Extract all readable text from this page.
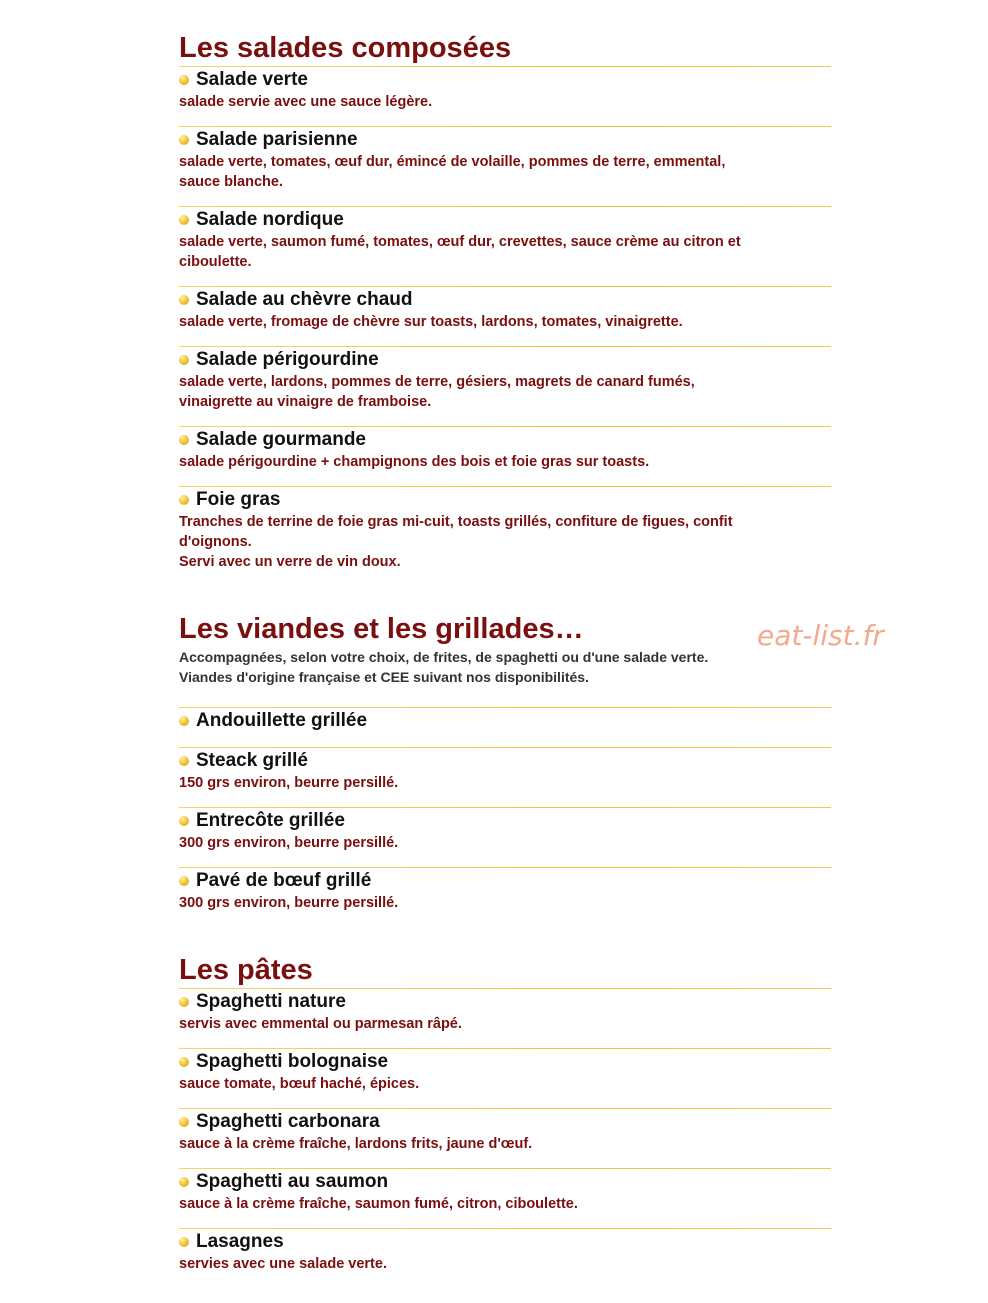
Les salades composées
Salade verte

salade servie avec une sauce légère.

Salade parisienne

salade verte, tomates, œuf dur, émincé de volaille, pommes de terre, emmental,
sauce blanche.

Salade nordique

salade verte, saumon fumé, tomates, œuf dur, crevettes, sauce crème au citron et
ciboulette.

Salade au chèvre chaud

salade verte, fromage de chèvre sur toasts, lardons, tomates, vinaigrette.

Salade périgourdine

salade verte, lardons, pommes de terre, gésiers, magrets de canard fumés,
vinaigrette au vinaigre de framboise.

Salade gourmande

salade périgourdine + champignons des bois et foie gras sur toasts.

Foie gras

Tranches de terrine de foie gras mi-cuit, toasts grillés, confiture de figues, confit
d'oignons.
Servi avec un verre de vin doux.

Les viandes et les grillades…

Accompagnées, selon votre choix, de frites, de spaghetti ou d'une salade verte.
Viandes d'origine française et CEE suivant nos disponibilités.

Andouillette grillée
Steack grillé

150 grs environ, beurre persillé.

Entrecôte grillée

300 grs environ, beurre persillé.

Pavé de bœuf grillé

300 grs environ, beurre persillé.

Les pâtes
Spaghetti nature

servis avec emmental ou parmesan râpé.

Spaghetti bolognaise

sauce tomate, bœuf haché, épices.

Spaghetti carbonara

sauce à la crème fraîche, lardons frits, jaune d'œuf.

Spaghetti au saumon

sauce à la crème fraîche, saumon fumé, citron, ciboulette.

Lasagnes

servies avec une salade verte.

eat-list.fr
